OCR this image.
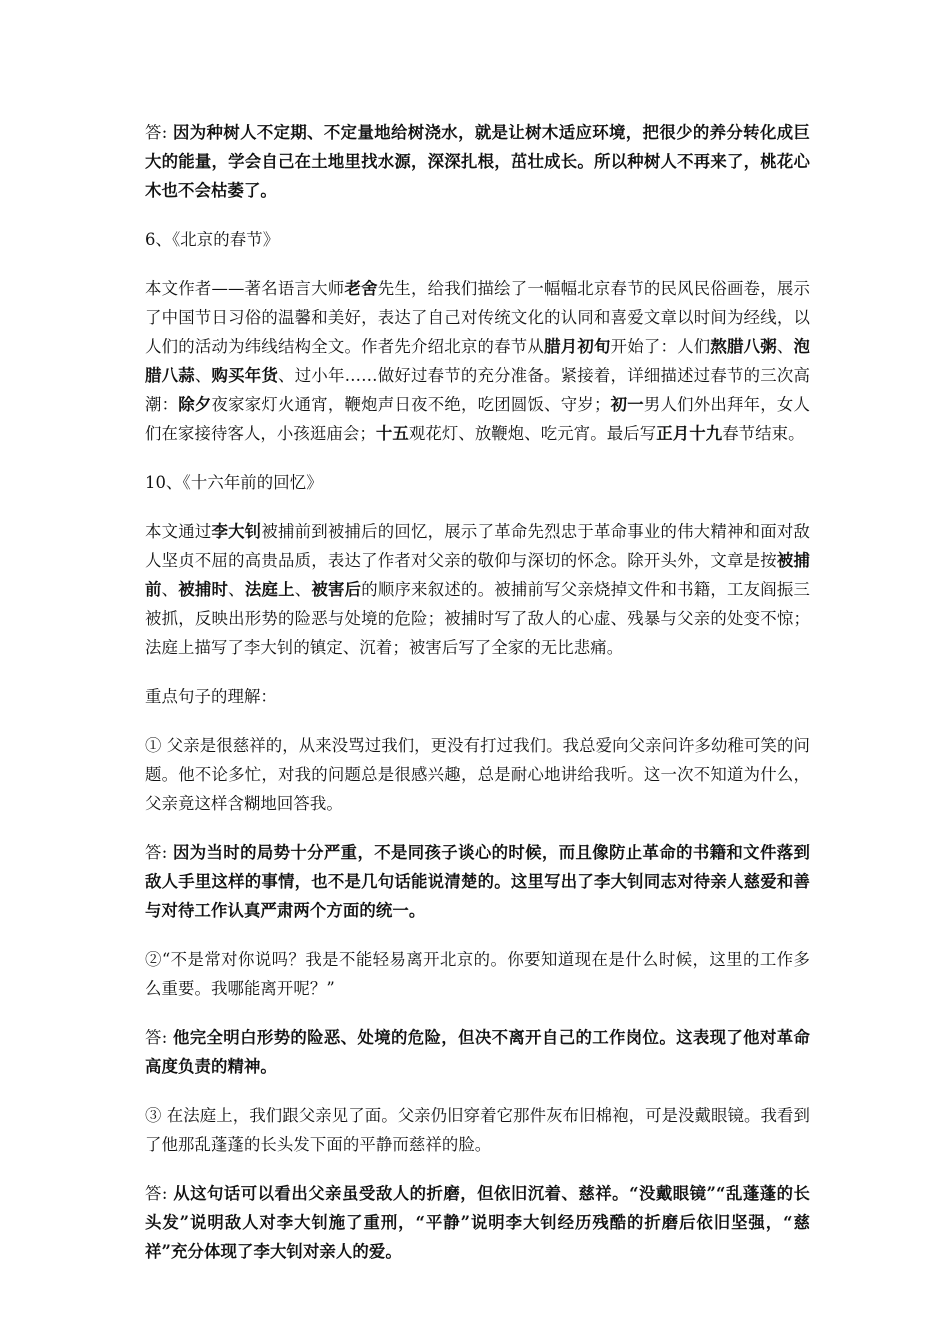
答: 因为种树人不定期、不定量地给树浇水，就是让树木适应环境，把很少的养分转化成巨大的能量，学会自己在土地里找水源，深深扎根，茁壮成长。所以种树人不再来了，桃花心木也不会枯萎了。

6、《北京的春节》

本文作者——著名语言大师老舍先生，给我们描绘了一幅幅北京春节的民风民俗画卷，展示了中国节日习俗的温馨和美好，表达了自己对传统文化的认同和喜爱文章以时间为经线，以人们的活动为纬线结构全文。作者先介绍北京的春节从腊月初旬开始了：人们熬腊八粥、泡腊八蒜、购买年货、过小年……做好过春节的充分准备。紧接着，详细描述过春节的三次高潮：除夕夜家家灯火通宵，鞭炮声日夜不绝，吃团圆饭、守岁；初一男人们外出拜年，女人们在家接待客人，小孩逛庙会；十五观花灯、放鞭炮、吃元宵。最后写正月十九春节结束。

10、《十六年前的回忆》

本文通过李大钊被捕前到被捕后的回忆，展示了革命先烈忠于革命事业的伟大精神和面对敌人坚贞不屈的高贵品质，表达了作者对父亲的敬仰与深切的怀念。除开头外，文章是按被捕前、被捕时、法庭上、被害后的顺序来叙述的。被捕前写父亲烧掉文件和书籍，工友阎振三被抓，反映出形势的险恶与处境的危险；被捕时写了敌人的心虚、残暴与父亲的处变不惊；法庭上描写了李大钊的镇定、沉着；被害后写了全家的无比悲痛。

重点句子的理解：

① 父亲是很慈祥的，从来没骂过我们，更没有打过我们。我总爱向父亲问许多幼稚可笑的问题。他不论多忙，对我的问题总是很感兴趣，总是耐心地讲给我听。这一次不知道为什么，父亲竟这样含糊地回答我。

答: 因为当时的局势十分严重，不是同孩子谈心的时候，而且像防止革命的书籍和文件落到敌人手里这样的事情，也不是几句话能说清楚的。这里写出了李大钊同志对待亲人慈爱和善与对待工作认真严肃两个方面的统一。

②“不是常对你说吗？我是不能轻易离开北京的。你要知道现在是什么时候，这里的工作多么重要。我哪能离开呢？”

答: 他完全明白形势的险恶、处境的危险，但决不离开自己的工作岗位。这表现了他对革命高度负责的精神。

③ 在法庭上，我们跟父亲见了面。父亲仍旧穿着它那件灰布旧棉袍，可是没戴眼镜。我看到了他那乱蓬蓬的长头发下面的平静而慈祥的脸。

答: 从这句话可以看出父亲虽受敌人的折磨，但依旧沉着、慈祥。“没戴眼镜”“乱蓬蓬的长头发”说明敌人对李大钊施了重刑，“平静”说明李大钊经历残酷的折磨后依旧坚强，“慈祥”充分体现了李大钊对亲人的爱。
